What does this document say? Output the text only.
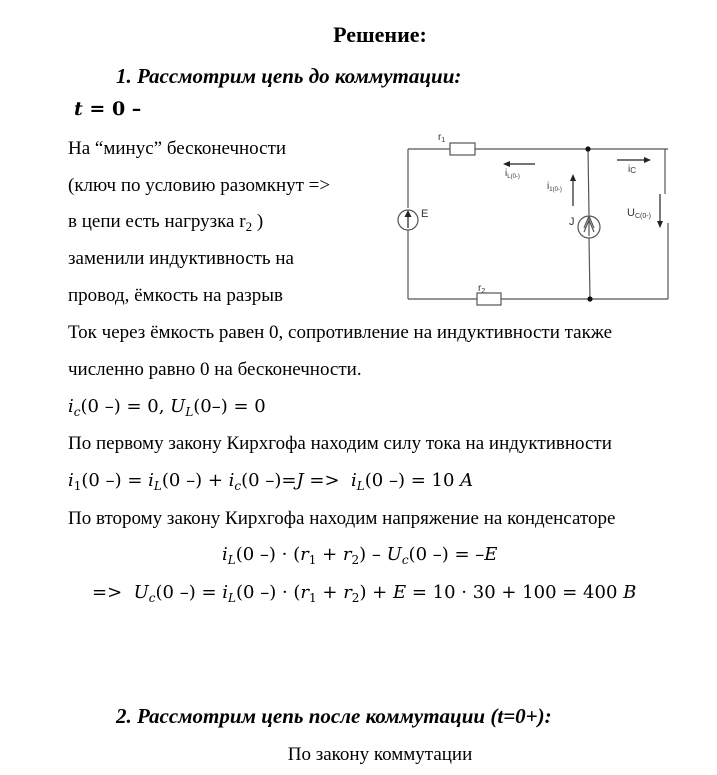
Решение:
1. Рассмотрим цепь до коммутации:
t = 0 –
На “минус” бесконечности
(ключ по условию разомкнут =>
в цепи есть нагрузка $r_2$ )
заменили индуктивность на
провод, ёмкость на разрыв
$r_1$
$r_2$
E
J
$i_{L(0-)}$
$i_{1(0-)}$
iC
UC(0-)
Ток через ёмкость равен 0, сопротивление на индуктивности также
численно равно 0 на бесконечности.
$i_c(0$ –) = 0, $U_L(0-) = 0$
По первому закону Кирхгофа находим силу тока на индуктивности
$i_1(0$ –) = $i_L(0$ –) + $i_c(0$ $-)=J => i_L(0$ –) = 10 A
По второму закону Кирхгофа находим напряжение на конденсаторе
$i_L(0$ –) · $(r_1 + r_2) - U_c(0$ –) = –E
=>  $U_c(0$ –) = $i_L(0$ –) · $(r_1 + r_2) + E = 10 \cdot 30 + 100 = 400$ B
2. Рассмотрим цепь после коммутации (t=0+):
По закону коммутации
